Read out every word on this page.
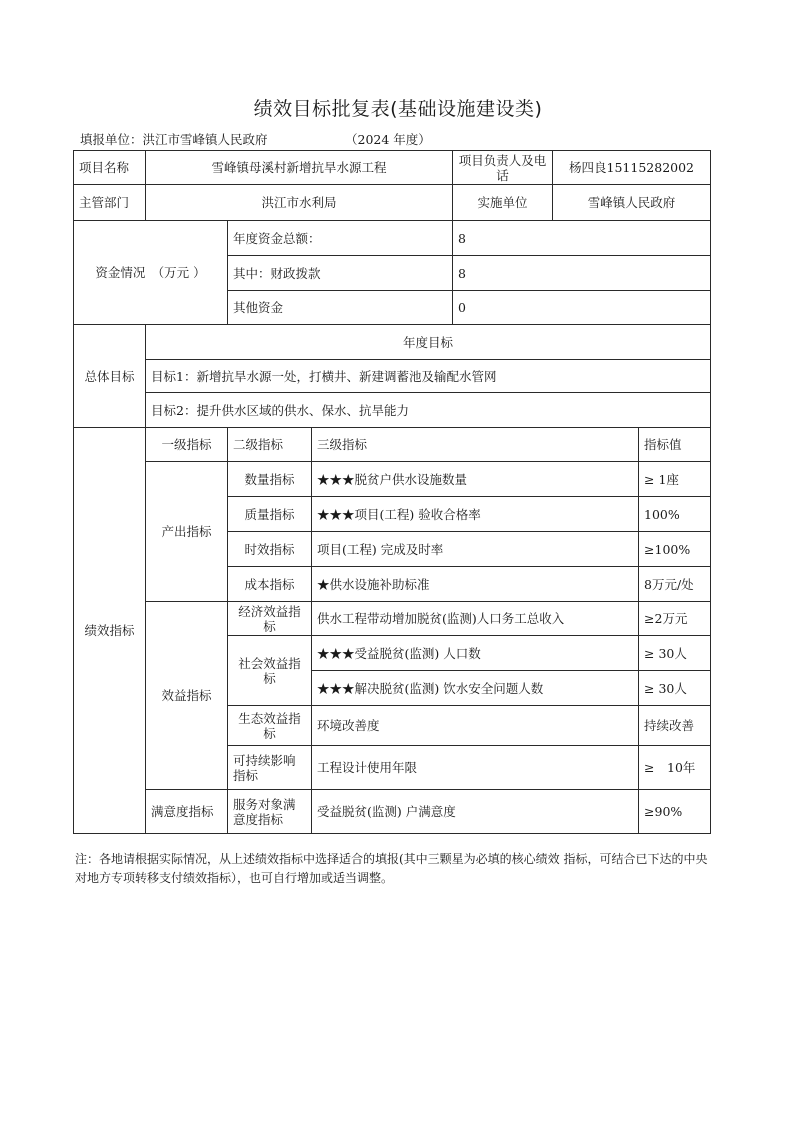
绩效目标批复表(基础设施建设类)
填报单位：洪江市雪峰镇人民政府	（2024 年度）
项目名称	雪峰镇母溪村新增抗旱水源工程			项目负责人及电话	杨四良15115282002	
主管部门	洪江市水利局			实施单位	雪峰镇人民政府	
资金情况　（万元 ）		年度资金总额：		8		
		其中：财政拨款		8		
		其他资金		0		
总体目标	年度目标					
	目标1：新增抗旱水源一处，打横井、新建调蓄池及输配水管网					
	目标2：提升供水区域的供水、保水、抗旱能力					
绩效指标	一级指标	二级指标	三级指标			指标值
	产出指标	数量指标	★★★脱贫户供水设施数量			≥ 1座
		质量指标	★★★项目(工程) 验收合格率			100%
		时效指标	项目(工程) 完成及时率			≥100%
		成本指标	★供水设施补助标准			8万元/处
	效益指标	经济效益指标	供水工程带动增加脱贫(监测)人口务工总收入			≥2万元
		社会效益指标	★★★受益脱贫(监测) 人口数			≥ 30人
			★★★解决脱贫(监测) 饮水安全问题人数			≥ 30人
		生态效益指标	环境改善度			持续改善
		可持续影响指标	工程设计使用年限			≥　10年
	满意度指标	服务对象满意度指标	受益脱贫(监测) 户满意度			≥90%
注：各地请根据实际情况，从上述绩效指标中选择适合的填报(其中三颗星为必填的核心绩效 指标，可结合已下达的中央对地方专项转移支付绩效指标），也可自行增加或适当调整。
